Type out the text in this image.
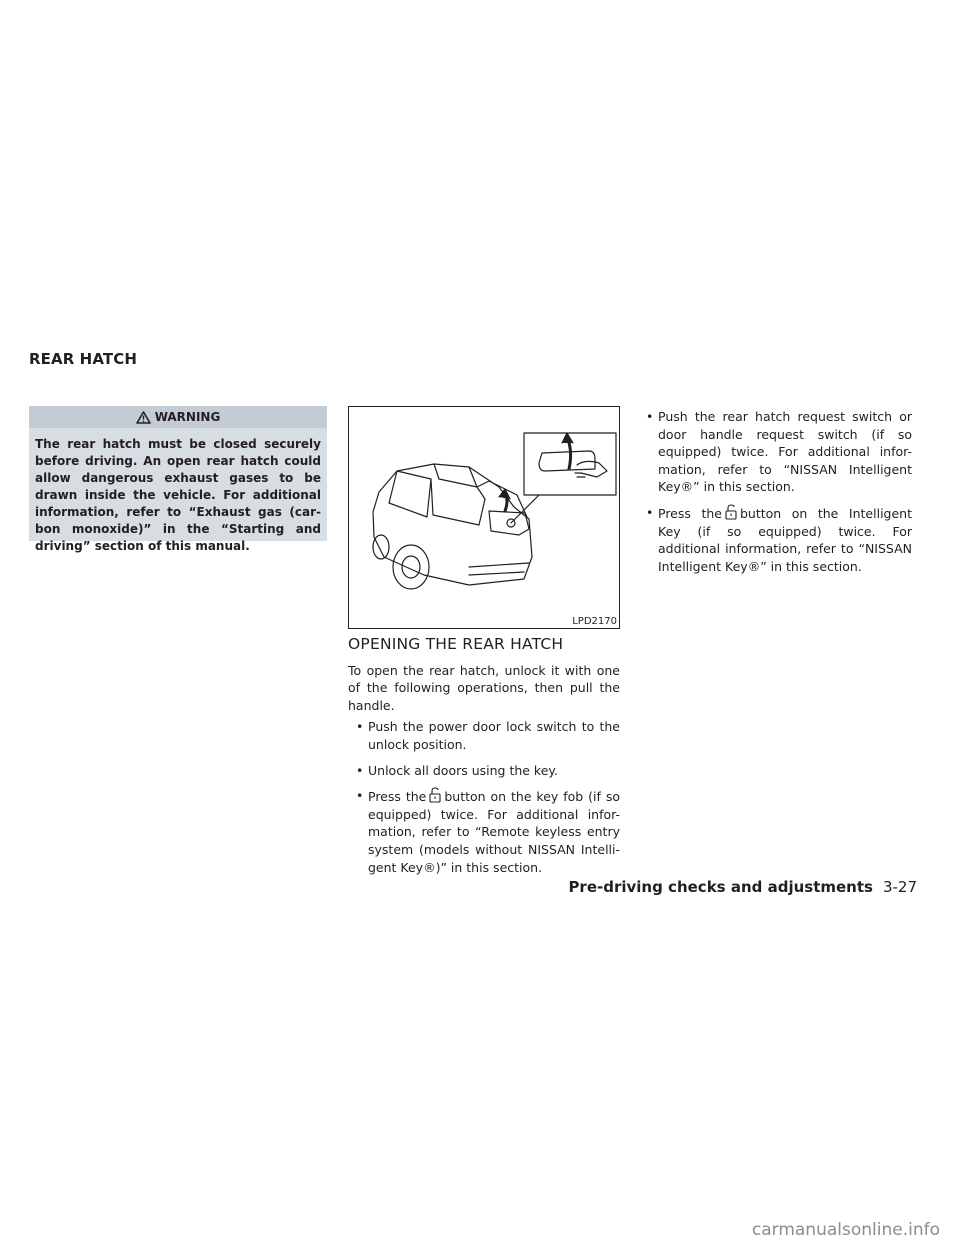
REAR HATCH
WARNING

The rear hatch must be closed securely before driving. An open rear hatch could allow dangerous exhaust gases to be drawn inside the vehicle. For additional information, refer to “Exhaust gas (car-bon monoxide)” in the “Starting and driving” section of this manual.

LPD2170
OPENING THE REAR HATCH

To open the rear hatch, unlock it with one of the following operations, then pull the handle.

• Push the power door lock switch to the unlock position.
• Unlock all doors using the key.
• Press the button on the key fob (if so equipped) twice. For additional infor-mation, refer to “Remote keyless entry system (models without NISSAN Intelli-gent Key®)” in this section.
• Push the rear hatch request switch or door handle request switch (if so equipped) twice. For additional infor-mation, refer to “NISSAN Intelligent Key®” in this section.
• Press the button on the Intelligent Key (if so equipped) twice. For additional information, refer to “NISSAN Intelligent Key®” in this section.
Pre-driving checks and adjustments 3-27
carmanualsonline.info
